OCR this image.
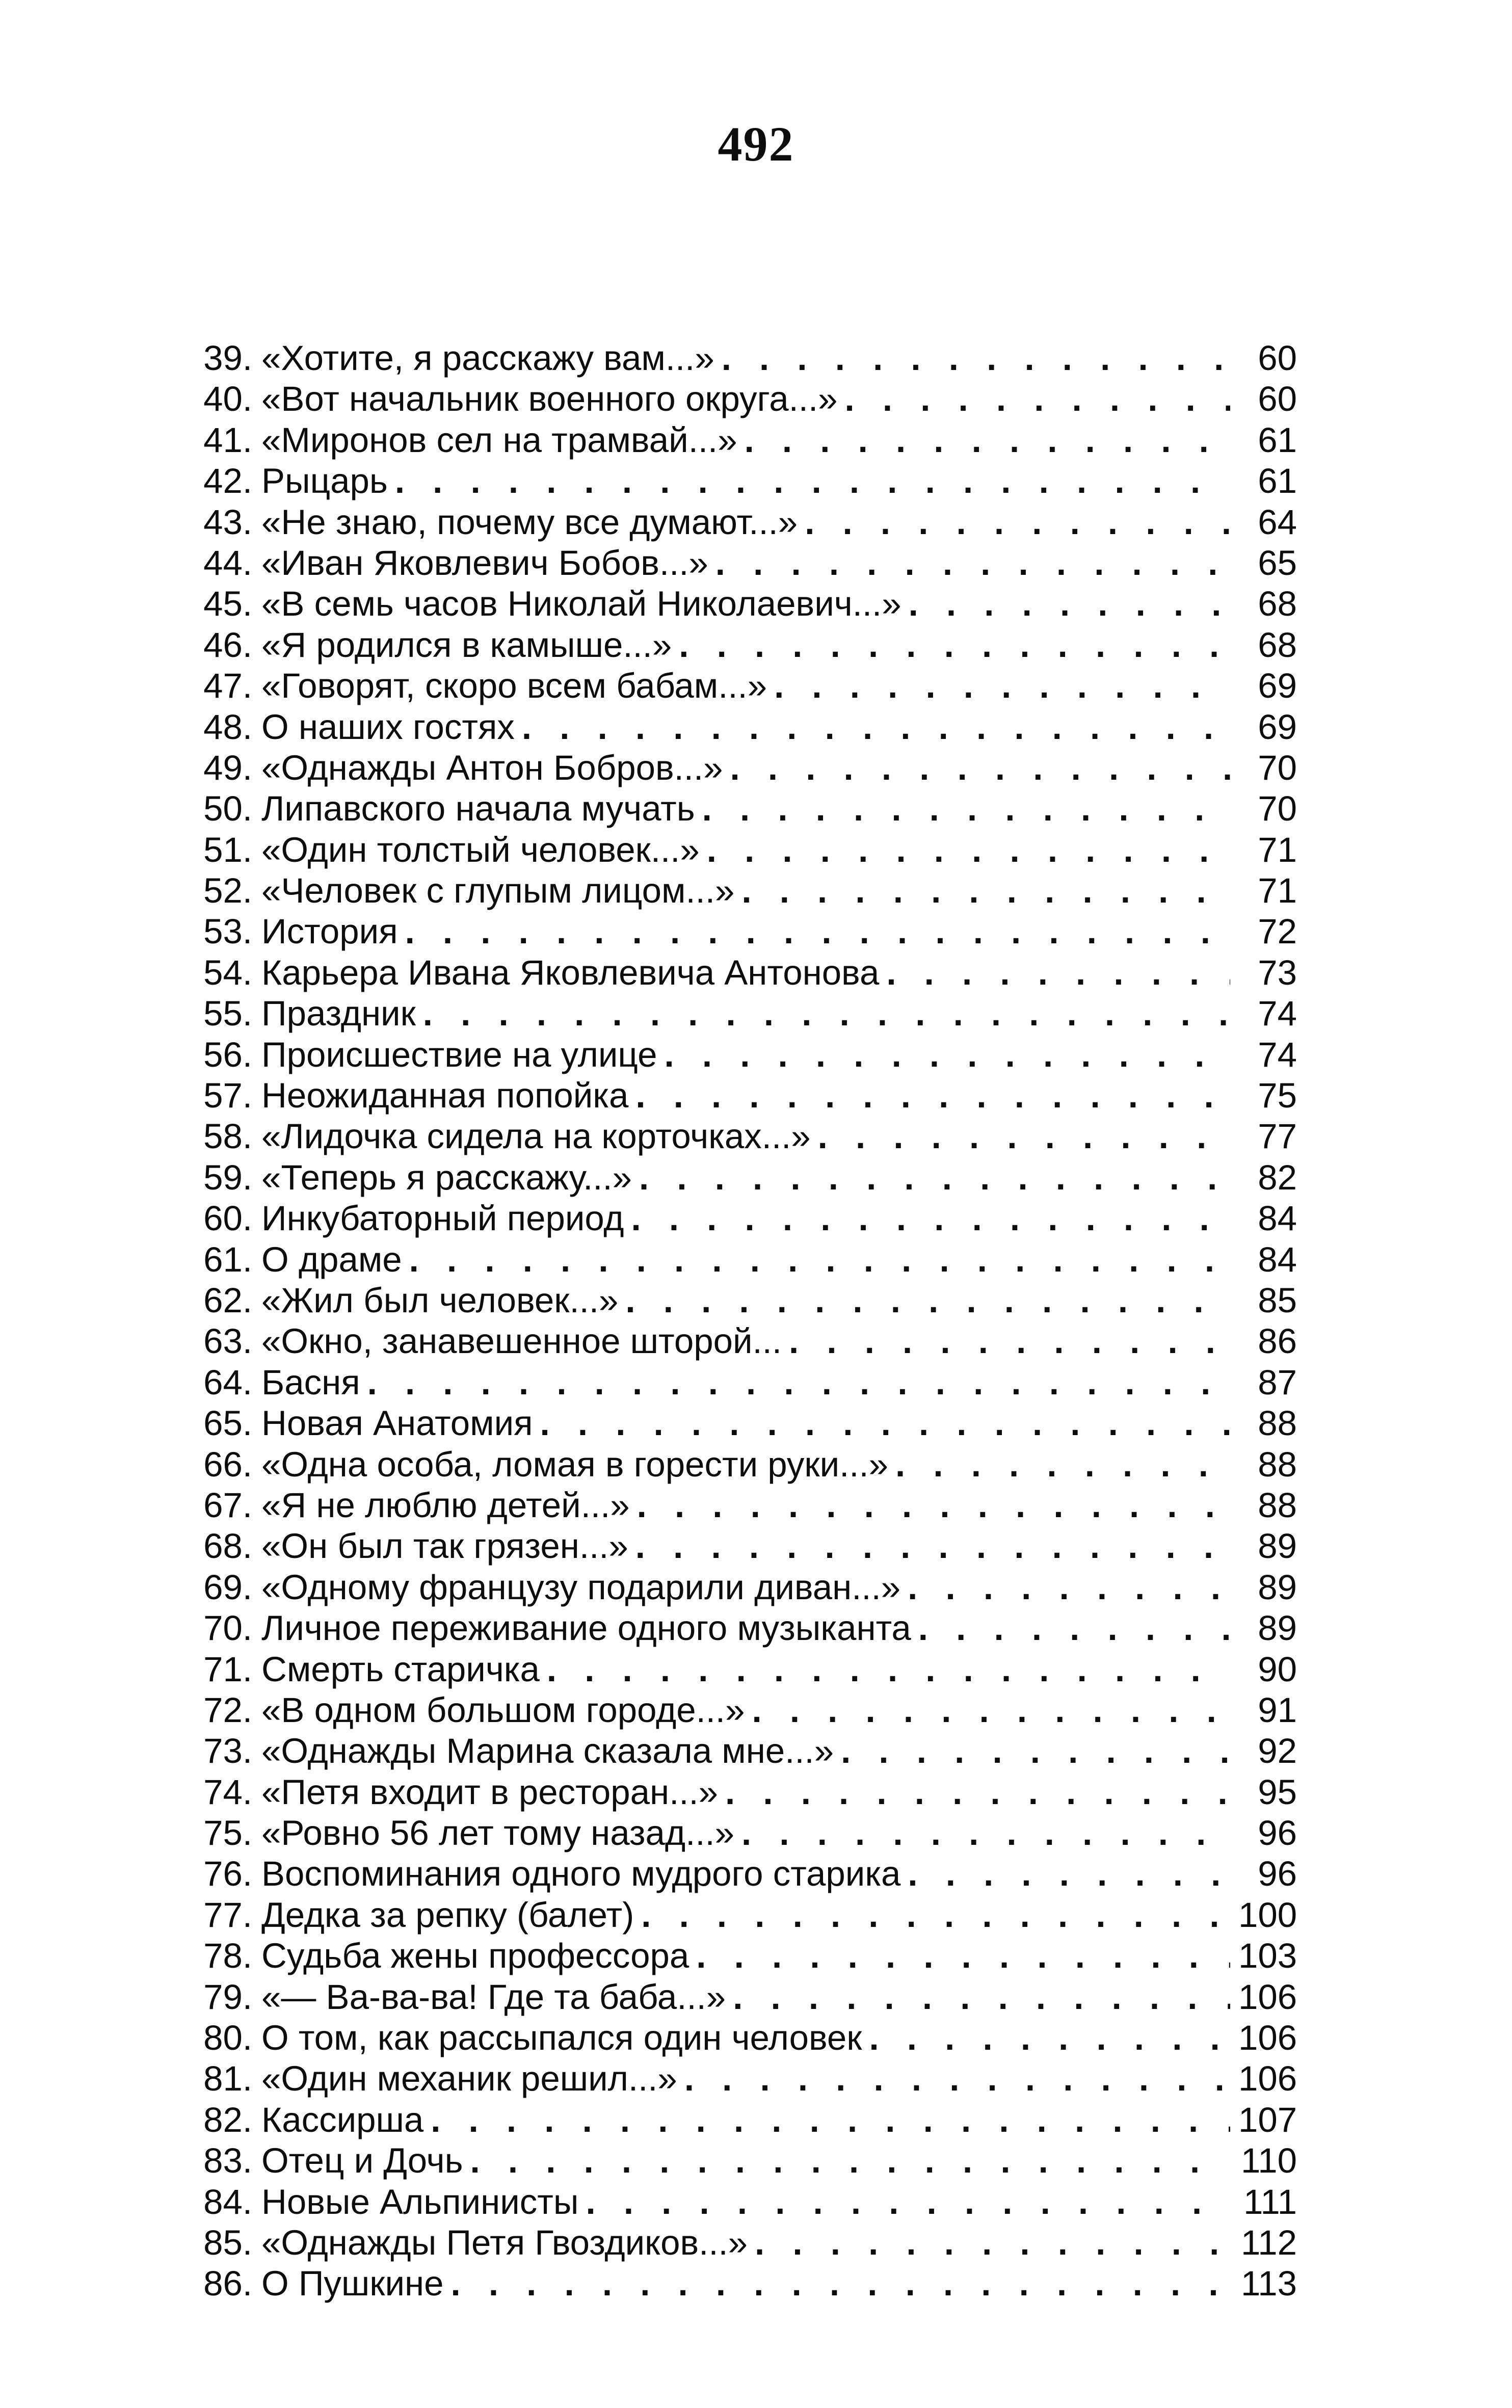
492
39. «Хотите, я расскажу вам...» . . .	60
40. «Вот начальник военного округа...» . . .	60
41. «Миронов сел на трамвай...» . . .	61
42. Рыцарь . . .	61
43. «Не знаю, почему все думают...» . . .	64
44. «Иван Яковлевич Бобов...» . . .	65
45. «В семь часов Николай Николаевич...» . . .	68
46. «Я родился в камыше...» . . .	68
47. «Говорят, скоро всем бабам...» . . .	69
48. О наших гостях . . .	69
49. «Однажды Антон Бобров...» . . .	70
50. Липавского начала мучать . . .	70
51. «Один толстый человек...» . . .	71
52. «Человек с глупым лицом...» . . .	71
53. История . . .	72
54. Карьера Ивана Яковлевича Антонова . . .	73
55. Праздник . . .	74
56. Происшествие на улице . . .	74
57. Неожиданная попойка . . .	75
58. «Лидочка сидела на корточках...» . . .	77
59. «Теперь я расскажу...» . . .	82
60. Инкубаторный период . . .	84
61. О драме . . .	84
62. «Жил был человек...» . . .	85
63. «Окно, занавешенное шторой... . . .	86
64. Басня . . .	87
65. Новая Анатомия . . .	88
66. «Одна особа, ломая в горести руки...» . . .	88
67. «Я не люблю детей...» . . .	88
68. «Он был так грязен...» . . .	89
69. «Одному французу подарили диван...» . . .	89
70. Личное переживание одного музыканта . . .	89
71. Смерть старичка . . .	90
72. «В одном большом городе...» . . .	91
73. «Однажды Марина сказала мне...» . . .	92
74. «Петя входит в ресторан...» . . .	95
75. «Ровно 56 лет тому назад...» . . .	96
76. Воспоминания одного мудрого старика . . .	96
77. Дедка за репку (балет) . . .	100
78. Судьба жены профессора . . .	103
79. «— Ва-ва-ва! Где та баба...» . . .	106
80. О том, как рассыпался один человек . . .	106
81. «Один механик решил...» . . .	106
82. Кассирша . . .	107
83. Отец и Дочь . . .	110
84. Новые Альпинисты . . .	111
85. «Однажды Петя Гвоздиков...» . . .	112
86. О Пушкине . . .	113
